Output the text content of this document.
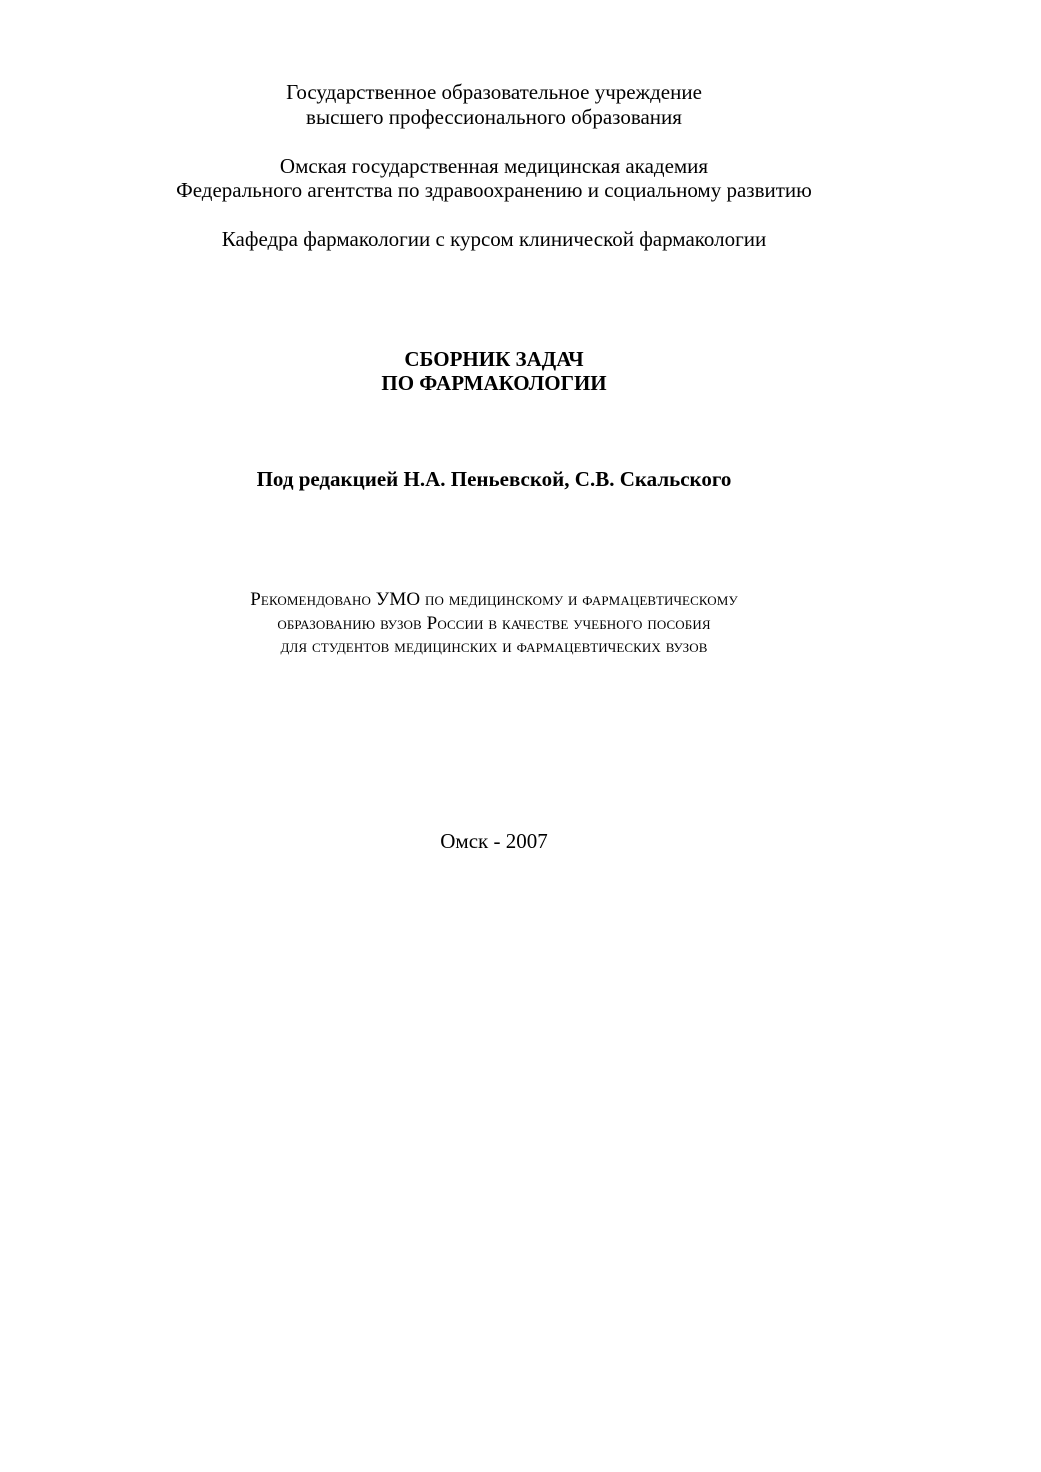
Государственное образовательное учреждение
высшего профессионального образования
Омская государственная медицинская академия
Федерального агентства по здравоохранению и социальному развитию
Кафедра фармакологии с курсом клинической фармакологии
СБОРНИК ЗАДАЧ
ПО ФАРМАКОЛОГИИ
Под редакцией Н.А. Пеньевской, С.В. Скальского
Рекомендовано УМО по медицинскому и фармацевтическому
образованию вузов России в качестве учебного пособия
для студентов медицинских и фармацевтических вузов
Омск - 2007
